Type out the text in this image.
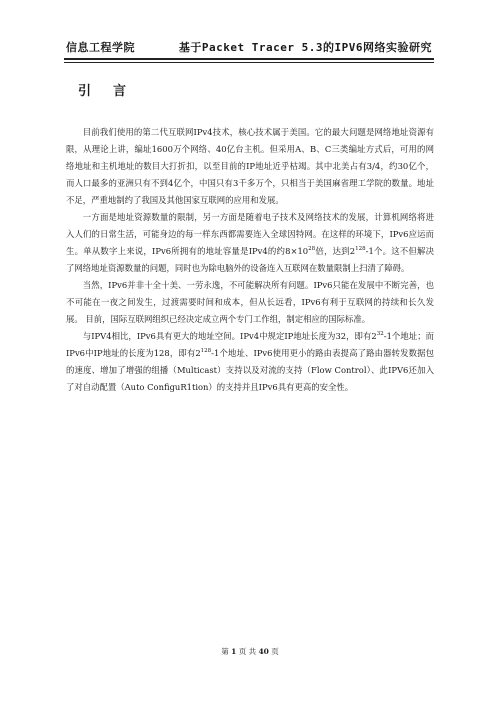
信息工程学院	基于Packet Tracer 5.3的IPV6网络实验研究
引言

目前我们使用的第二代互联网IPv4技术，核心技术属于美国。它的最大问题是网络地址资源有限，从理论上讲，编址1600万个网络、40亿台主机。但采用A、B、C三类编址方式后，可用的网络地址和主机地址的数目大打折扣，以至目前的IP地址近乎枯竭。其中北美占有3/4，约30亿个，而人口最多的亚洲只有不到4亿个，中国只有3千多万个，只相当于美国麻省理工学院的数量。地址不足，严重地制约了我国及其他国家互联网的应用和发展。

一方面是地址资源数量的限制，另一方面是随着电子技术及网络技术的发展，计算机网络将进入人们的日常生活，可能身边的每一样东西都需要连入全球因特网。在这样的环境下，IPv6应运而生。单从数字上来说，IPv6所拥有的地址容量是IPv4的约$8\times 10^{28}$倍，达到$2^{128}-1$个。这不但解决了网络地址资源数量的问题，同时也为除电脑外的设备连入互联网在数量限制上扫清了障碍。

当然，IPv6并非十全十美、一劳永逸，不可能解决所有问题。IPv6只能在发展中不断完善，也不可能在一夜之间发生，过渡需要时间和成本，但从长远看，IPv6有利于互联网的持续和长久发展。 目前，国际互联网组织已经决定成立两个专门工作组，制定相应的国际标准。

与IPV4相比，IPv6具有更大的地址空间。IPv4中规定IP地址长度为32，即有$2^{32}-1$个地址；而IPv6中IP地址的长度为128，即有$2^{128}-1$个地址、IPv6使用更小的路由表提高了路由器转发数据包的速度、增加了增强的组播（Multicast）支持以及对流的支持（Flow Control）、此IPV6还加入了对自动配置（Auto ConfiguR1tion）的支持并且IPv6具有更高的安全性。

第 1 页 共 40 页
